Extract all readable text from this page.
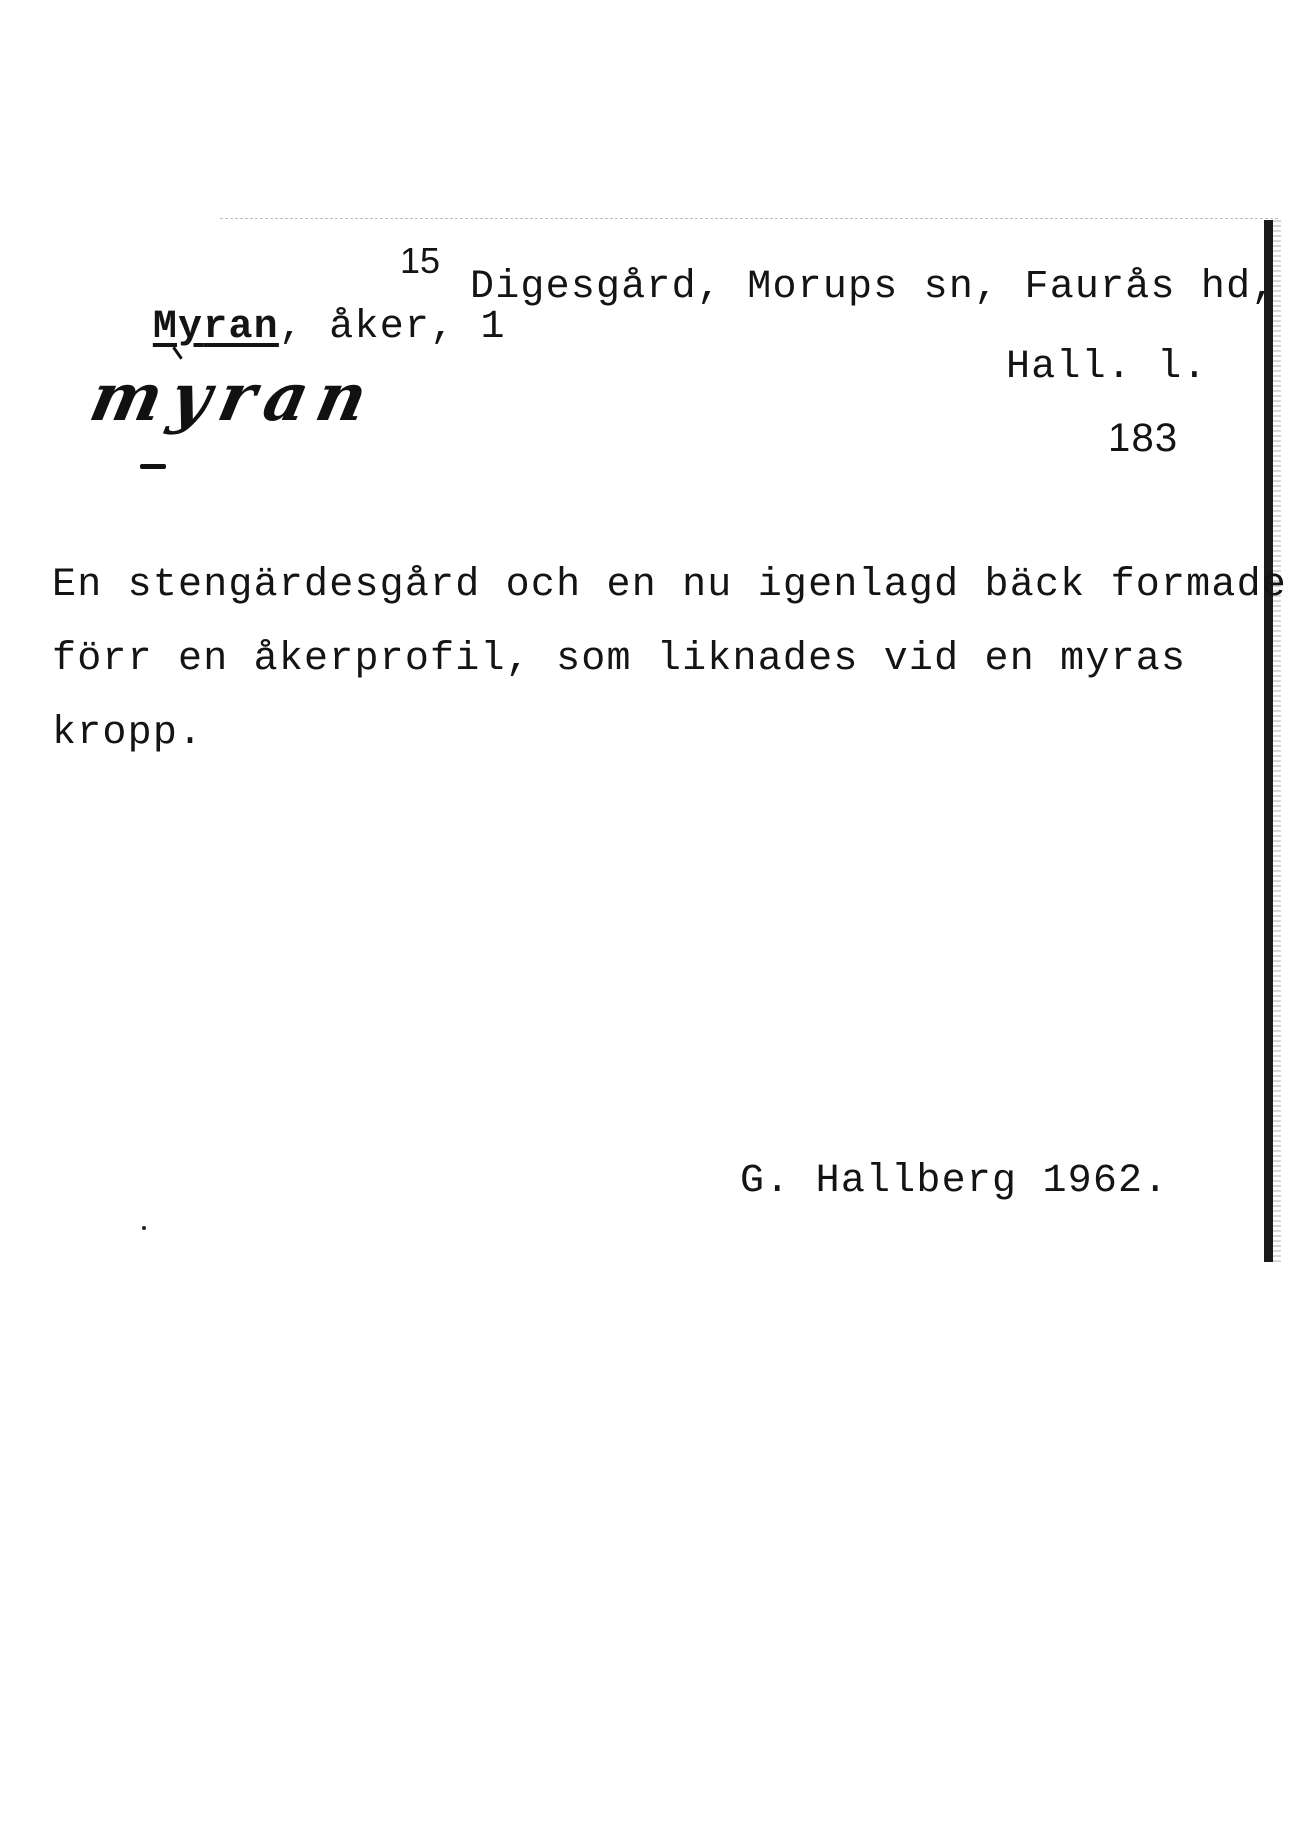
Myran, åker, 1

15
Digesgård, Morups sn, Faurås hd,
Hall. l.
myran
183
En stengärdesgård och en nu igenlagd bäck formade
förr en åkerprofil, som liknades vid en myras
kropp.
G. Hallberg 1962.
